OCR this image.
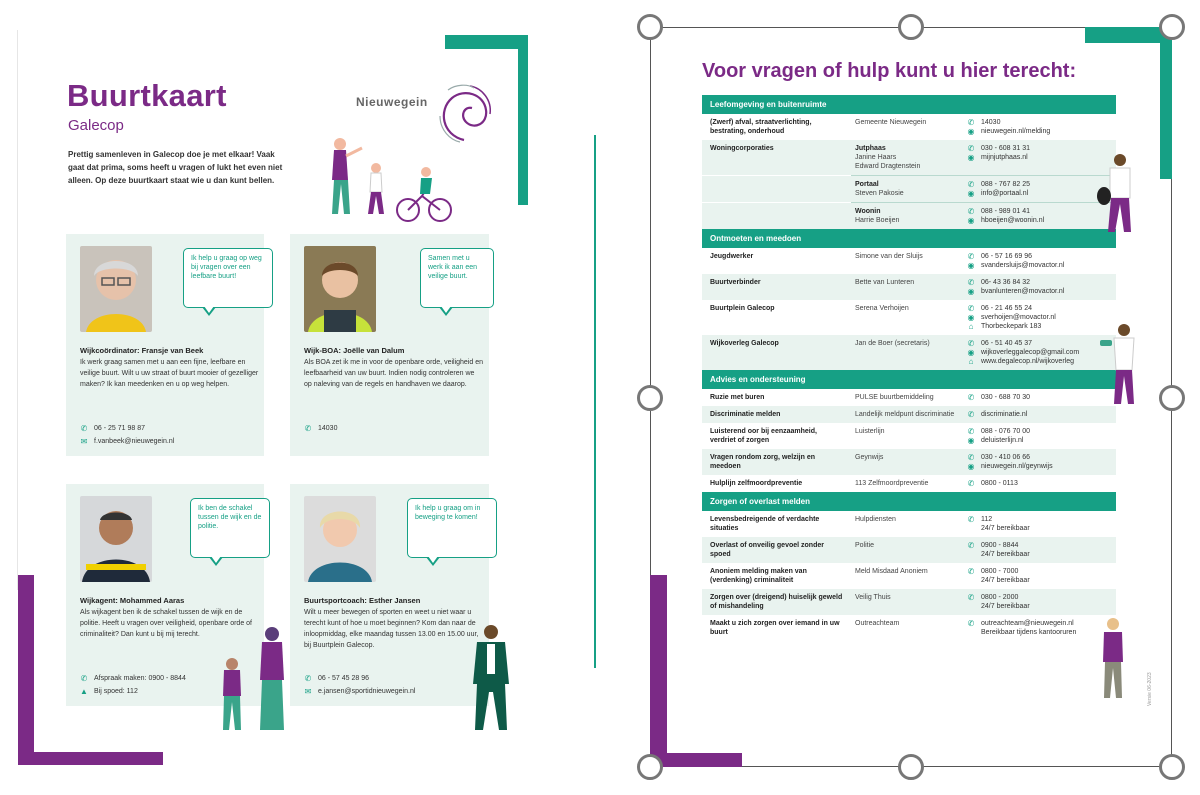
Buurtkaart
Galecop
Prettig samenleven in Galecop doe je met elkaar! Vaak gaat dat prima, soms heeft u vragen of lukt het even niet alleen. Op deze buurtkaart staat wie u dan kunt bellen.
Nieuwegein
Ik help u graag op weg bij vragen over een leefbare buurt!
Wijkcoördinator: Fransje van Beek
Ik werk graag samen met u aan een fijne, leefbare en veilige buurt. Wilt u uw straat of buurt mooier of gezelliger maken? Ik kan meedenken en u op weg helpen.
✆ 06 - 25 71 98 87
✉ f.vanbeek@nieuwegein.nl
Samen met u werk ik aan een veilige buurt.
Wijk-BOA: Joëlle van Dalum
Als BOA zet ik me in voor de openbare orde, veiligheid en leefbaarheid van uw buurt. Indien nodig controleren we op naleving van de regels en handhaven we daarop.
✆ 14030
Ik ben de schakel tussen de wijk en de politie.
Wijkagent: Mohammed Aaras
Als wijkagent ben ik de schakel tussen de wijk en de politie. Heeft u vragen over veiligheid, openbare orde of criminaliteit? Dan kunt u bij mij terecht.
✆ Afspraak maken: 0900 - 8844
▲ Bij spoed: 112
Ik help u graag om in beweging te komen!
Buurtsportcoach: Esther Jansen
Wilt u meer bewegen of sporten en weet u niet waar u terecht kunt of hoe u moet beginnen? Kom dan naar de inloopmiddag, elke maandag tussen 13.00 en 15.00 uur, bij Buurtplein Galecop.
✆ 06 - 57 45 28 96
✉ e.jansen@sportidnieuwegein.nl
Voor vragen of hulp kunt u hier terecht:
Leefomgeving en buitenruimte
(Zwerf) afval, straatverlichting, bestrating, onderhoud
Gemeente Nieuwegein	✆ 14030
◉ nieuwegein.nl/melding
Woningcorporaties	Jutphaas
Janine Haars
Edward Dragtenstein
✆ 030 - 608 31 31
◉ mijnjutphaas.nl
Portaal
Steven Pakosie
✆ 088 - 767 82 25
◉ info@portaal.nl
Woonin
Harrie Boeijen
✆ 088 - 989 01 41
◉ hboeijen@woonin.nl
Ontmoeten en meedoen
Jeugdwerker	Simone van der Sluijs	✆ 06 - 57 16 69 96
◉ svandersluijs@movactor.nl
Buurtverbinder	Bette van Lunteren	✆ 06- 43 36 84 32
◉ bvanlunteren@movactor.nl
Buurtplein Galecop	Serena Verhoijen	✆ 06 - 21 46 55 24
◉ sverhoijen@movactor.nl
⌂ Thorbeckepark 183
Wijkoverleg Galecop	Jan de Boer (secretaris)	✆ 06 - 51 40 45 37
◉ wijkoverleggalecop@gmail.com
⌂ www.degalecop.nl/wijkoverleg
Advies en ondersteuning
Ruzie met buren	PULSE buurtbemiddeling	✆ 030 - 688 70 30
Discriminatie melden	Landelijk meldpunt discriminatie	✆ discriminatie.nl
Luisterend oor bij eenzaamheid, verdriet of zorgen
Luisterlijn	✆ 088 - 076 70 00
◉ deluisterlijn.nl
Vragen rondom zorg, welzijn en meedoen
Geynwijs	✆ 030 - 410 06 66
◉ nieuwegein.nl/geynwijs
Hulplijn zelfmoordpreventie	113 Zelfmoordpreventie	✆ 0800 - 0113
Zorgen of overlast melden
Levensbedreigende of verdachte situaties
Hulpdiensten	✆ 112
24/7 bereikbaar
Overlast of onveilig gevoel zonder spoed
Politie	✆ 0900 - 8844
24/7 bereikbaar
Anoniem melding maken van (verdenking) criminaliteit
Meld Misdaad Anoniem	✆ 0800 - 7000
24/7 bereikbaar
Zorgen over (dreigend) huiselijk geweld of mishandeling
Veilig Thuis	✆ 0800 - 2000
24/7 bereikbaar
Maakt u zich zorgen over iemand in uw buurt
Outreachteam	✆ outreachteam@nieuwegein.nl
Bereikbaar tijdens kantooruren
Versie 06-2023
